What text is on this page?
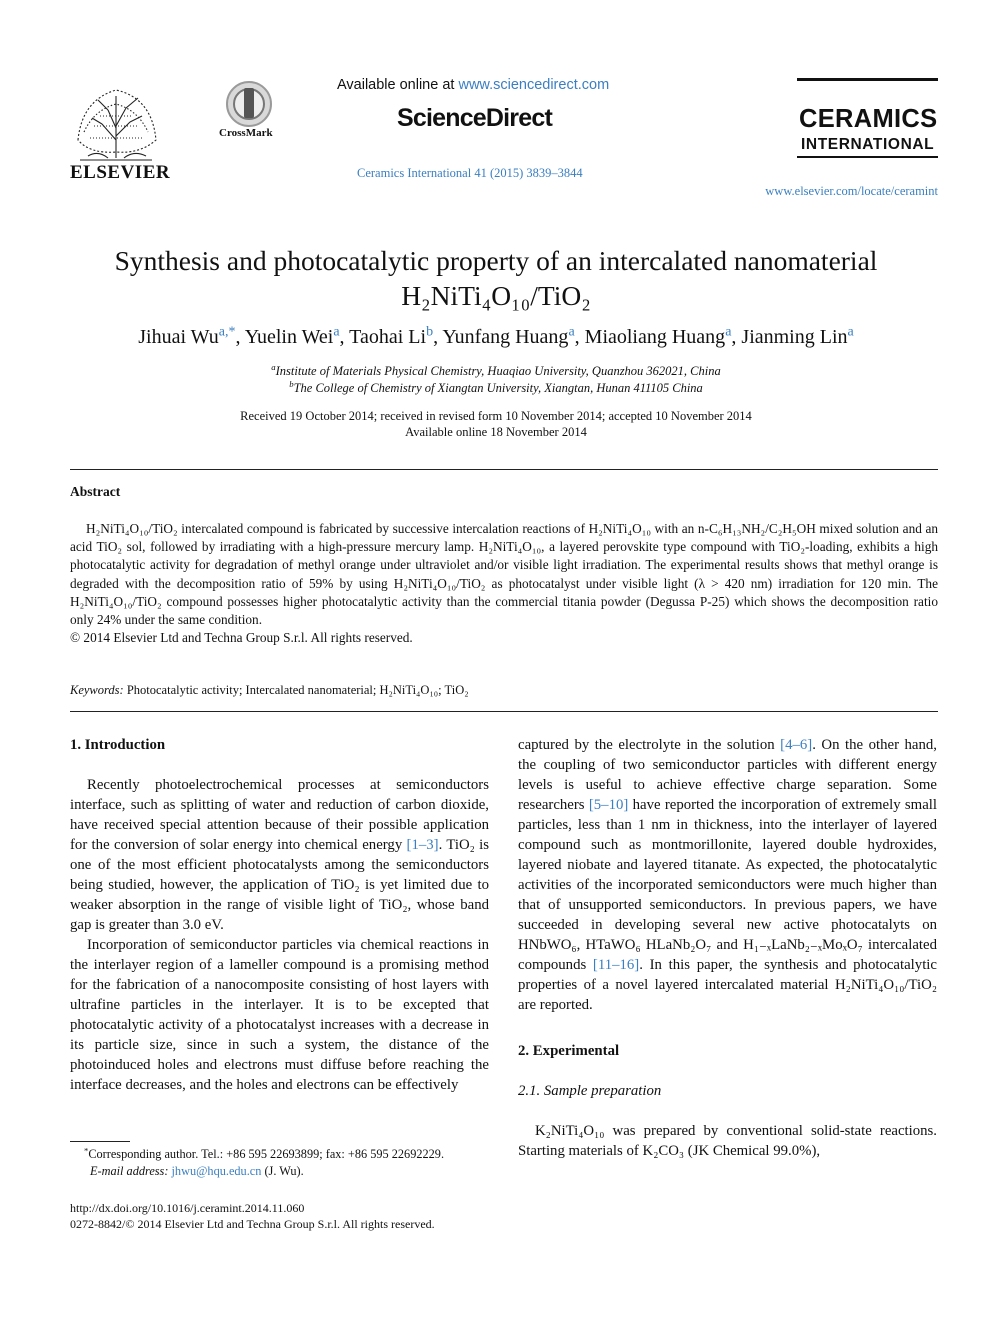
ELSEVIER
CrossMark
Available online at www.sciencedirect.com
ScienceDirect
Ceramics International 41 (2015) 3839–3844
CERAMICS
INTERNATIONAL
www.elsevier.com/locate/ceramint
Synthesis and photocatalytic property of an intercalated nanomaterial
H₂NiTi₄O₁₀/TiO₂
Jihuai $Wu^{a,*}$, Yuelin Wei$^a$, Taohai Li$^b$, Yunfang Huang$^a$, Miaoliang Huang$^a$, Jianming Lin$^a$
$^a$Institute of Materials Physical Chemistry, Huaqiao University, Quanzhou 362021, China
$^b$The College of Chemistry of Xiangtan University, Xiangtan, Hunan 411105 China
Received 19 October 2014; received in revised form 10 November 2014; accepted 10 November 2014
Available online 18 November 2014
Abstract

H₂NiTi₄O₁₀/TiO₂ intercalated compound is fabricated by successive intercalation reactions of H₂NiTi₄O₁₀ with an n-C₆H₁₃NH₂/C₂H₅OH mixed solution and an acid TiO₂ sol, followed by irradiating with a high-pressure mercury lamp. H₂NiTi₄O₁₀, a layered perovskite type compound with TiO₂-loading, exhibits a high photocatalytic activity for degradation of methyl orange under ultraviolet and/or visible light irradiation. The experimental results shows that methyl orange is degraded with the decomposition ratio of 59% by using H₂NiTi₄O₁₀/TiO₂ as photocatalyst under visible light (λ > 420 nm) irradiation for 120 min. The H₂NiTi₄O₁₀/TiO₂ compound possesses higher photocatalytic activity than the commercial titania powder (Degussa P-25) which shows the decomposition ratio only 24% under the same condition.

© 2014 Elsevier Ltd and Techna Group S.r.l. All rights reserved.
Keywords: Photocatalytic activity; Intercalated nanomaterial; H₂NiTi₄O₁₀; TiO₂
1. Introduction

Recently photoelectrochemical processes at semiconductors interface, such as splitting of water and reduction of carbon dioxide, have received special attention because of their possible application for the conversion of solar energy into chemical energy [1–3]. TiO₂ is one of the most efficient photocatalysts among the semiconductors being studied, however, the application of TiO₂ is yet limited due to weaker absorption in the range of visible light of TiO₂, whose band gap is greater than 3.0 eV.

Incorporation of semiconductor particles via chemical reactions in the interlayer region of a lameller compound is a promising method for the fabrication of a nanocomposite consisting of host layers with ultrafine particles in the interlayer. It is to be excepted that photocatalytic activity of a photocatalyst increases with a decrease in its particle size, since in such a system, the distance of the photoinduced holes and electrons must diffuse before reaching the interface decreases, and the holes and electrons can be effectively

captured by the electrolyte in the solution [4–6]. On the other hand, the coupling of two semiconductor particles with different energy levels is useful to achieve effective charge separation. Some researchers [5–10] have reported the incorporation of extremely small particles, less than 1 nm in thickness, into the interlayer of layered compound such as montmorillonite, layered double hydroxides, layered niobate and layered titanate. As expected, the photocatalytic activities of the incorporated semiconductors were much higher than that of unsupported semiconductors. In previous papers, we have succeeded in developing several new active photocatalyts on HNbWO₆, HTaWO₆ HLaNb₂O₇ and H₁₋ₓLaNb₂₋ₓMoₓO₇ intercalated compounds [11–16]. In this paper, the synthesis and photocatalytic properties of a novel layered intercalated material H₂NiTi₄O₁₀/TiO₂ are reported.
2. Experimental
2.1. Sample preparation

K₂NiTi₄O₁₀ was prepared by conventional solid-state reactions. Starting materials of K₂CO₃ (JK Chemical 99.0%),

*Corresponding author. Tel.: +86 595 22693899; fax: +86 595 22692229.
E-mail address: jhwu@hqu.edu.cn (J. Wu).
http://dx.doi.org/10.1016/j.ceramint.2014.11.060
0272-8842/© 2014 Elsevier Ltd and Techna Group S.r.l. All rights reserved.
